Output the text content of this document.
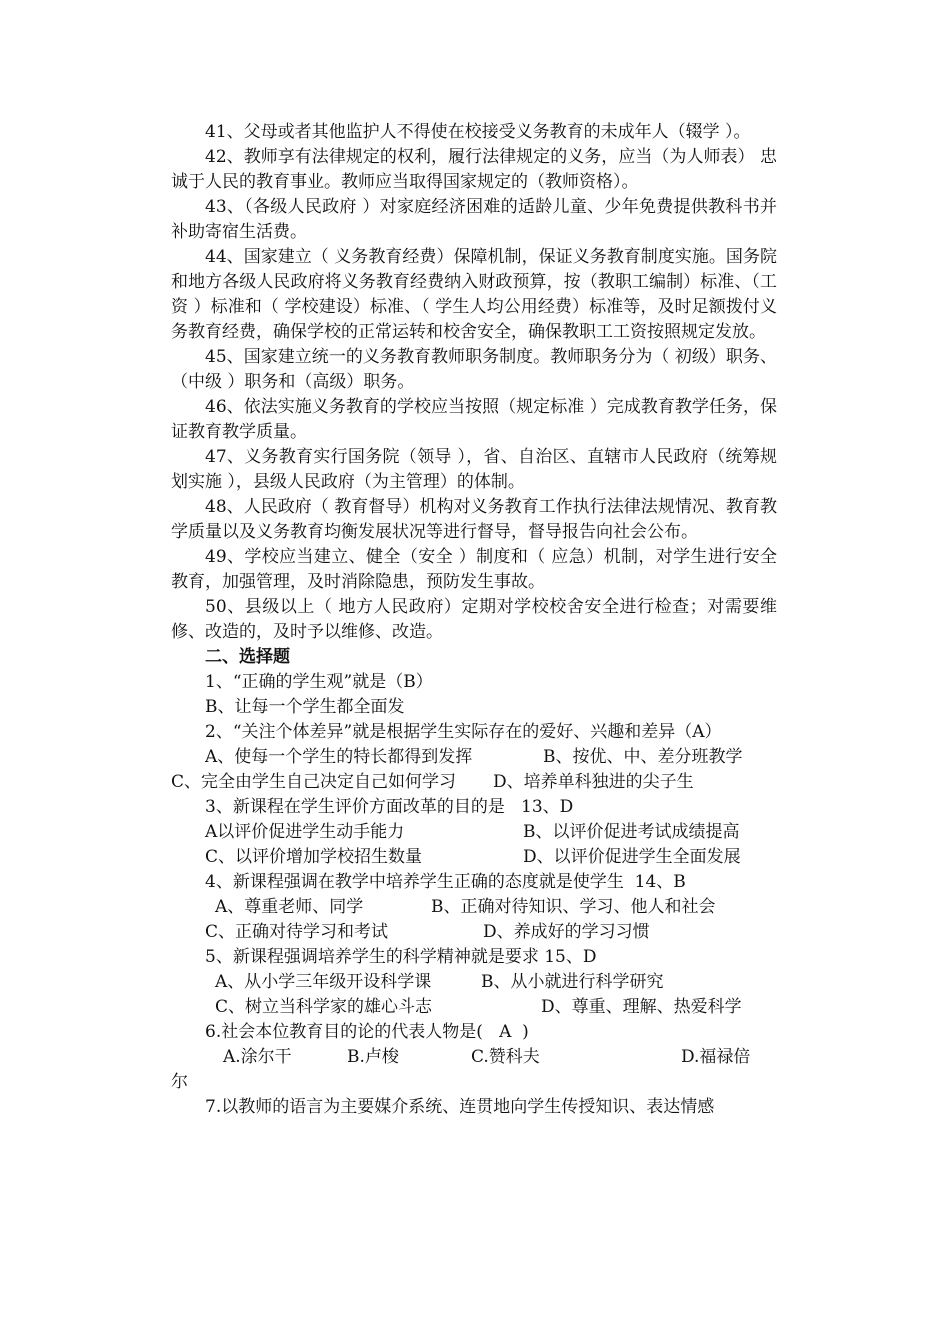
41、父母或者其他监护人不得使在校接受义务教育的未成年人（辍学 ）。

42、教师享有法律规定的权利，履行法律规定的义务，应当（为人师表） 忠诚于人民的教育事业。教师应当取得国家规定的（教师资格）。

43、（各级人民政府 ）对家庭经济困难的适龄儿童、少年免费提供教科书并补助寄宿生活费。

44、国家建立（ 义务教育经费）保障机制，保证义务教育制度实施。国务院和地方各级人民政府将义务教育经费纳入财政预算，按（教职工编制）标准、（工资 ）标准和（ 学校建设）标准、（ 学生人均公用经费）标准等，及时足额拨付义务教育经费，确保学校的正常运转和校舍安全，确保教职工工资按照规定发放。

45、国家建立统一的义务教育教师职务制度。教师职务分为（ 初级）职务、（中级 ）职务和（高级）职务。

46、依法实施义务教育的学校应当按照（规定标准 ）完成教育教学任务，保证教育教学质量。

47、义务教育实行国务院（领导 ），省、自治区、直辖市人民政府（统筹规划实施 ），县级人民政府（为主管理）的体制。

48、人民政府（ 教育督导）机构对义务教育工作执行法律法规情况、教育教学质量以及义务教育均衡发展状况等进行督导，督导报告向社会公布。

49、学校应当建立、健全（安全 ）制度和（ 应急）机制，对学生进行安全教育，加强管理，及时消除隐患，预防发生事故。

50、县级以上（ 地方人民政府）定期对学校校舍安全进行检查；对需要维修、改造的，及时予以维修、改造。

二、选择题

1、“正确的学生观”就是（B）

B、让每一个学生都全面发

2、“关注个体差异”就是根据学生实际存在的爱好、兴趣和差异（A）

A、使每一个学生的特长都得到发挥	B、按优、中、差分班教学
C、完全由学生自己决定自己如何学习	D、培养单科独进的尖子生

3、新课程在学生评价方面改革的目的是   13、D

A以评价促进学生动手能力	B、以评价促进考试成绩提高
C、以评价增加学校招生数量	D、以评价促进学生全面发展

4、新课程强调在教学中培养学生正确的态度就是使学生  14、B

A、尊重老师、同学	B、正确对待知识、学习、他人和社会
C、正确对待学习和考试	D、养成好的学习习惯

5、新课程强调培养学生的科学精神就是要求 15、D

A、从小学三年级开设科学课	B、从小就进行科学研究
C、树立当科学家的雄心斗志	D、尊重、理解、热爱科学

6.社会本位教育目的论的代表人物是(   A  )

A.涂尔干	B.卢梭	C.赞科夫	D.福禄倍

尔

7.以教师的语言为主要媒介系统、连贯地向学生传授知识、表达情感
